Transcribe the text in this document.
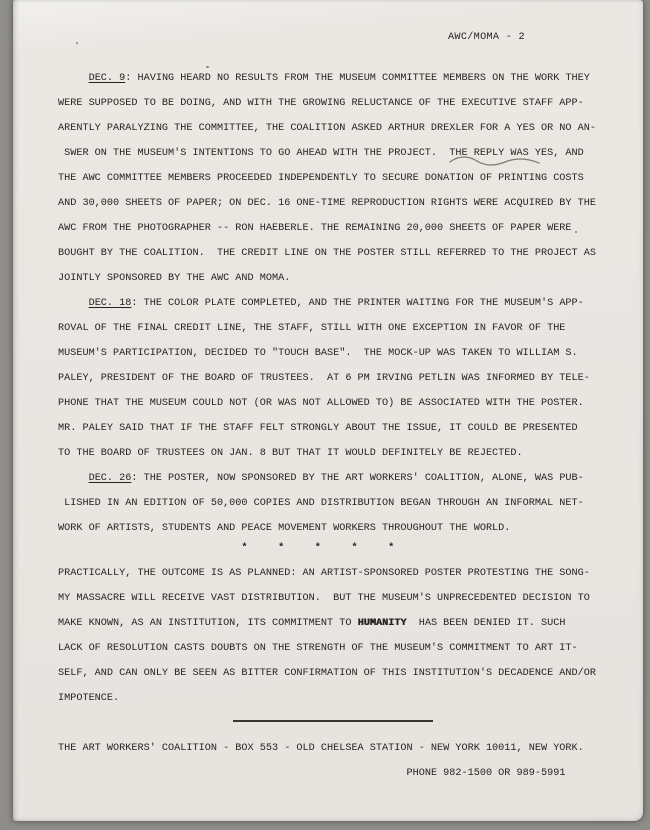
AWC/MOMA - 2
DEC. 9: HAVING HEARD NO RESULTS FROM THE MUSEUM COMMITTEE MEMBERS ON THE WORK THEY
WERE SUPPOSED TO BE DOING, AND WITH THE GROWING RELUCTANCE OF THE EXECUTIVE STAFF APP-
ARENTLY PARALYZING THE COMMITTEE, THE COALITION ASKED ARTHUR DREXLER FOR A YES OR NO AN-
SWER ON THE MUSEUM'S INTENTIONS TO GO AHEAD WITH THE PROJECT.  THE REPLY WAS YES, AND
THE AWC COMMITTEE MEMBERS PROCEEDED INDEPENDENTLY TO SECURE DONATION OF PRINTING COSTS
AND 30,000 SHEETS OF PAPER; ON DEC. 16 ONE-TIME REPRODUCTION RIGHTS WERE ACQUIRED BY THE
AWC FROM THE PHOTOGRAPHER -- RON HAEBERLE. THE REMAINING 20,000 SHEETS OF PAPER WERE
BOUGHT BY THE COALITION.  THE CREDIT LINE ON THE POSTER STILL REFERRED TO THE PROJECT AS
JOINTLY SPONSORED BY THE AWC AND MOMA.
DEC. 18: THE COLOR PLATE COMPLETED, AND THE PRINTER WAITING FOR THE MUSEUM'S APP-
ROVAL OF THE FINAL CREDIT LINE, THE STAFF, STILL WITH ONE EXCEPTION IN FAVOR OF THE
MUSEUM'S PARTICIPATION, DECIDED TO "TOUCH BASE".  THE MOCK-UP WAS TAKEN TO WILLIAM S.
PALEY, PRESIDENT OF THE BOARD OF TRUSTEES.  AT 6 PM IRVING PETLIN WAS INFORMED BY TELE-
PHONE THAT THE MUSEUM COULD NOT (OR WAS NOT ALLOWED TO) BE ASSOCIATED WITH THE POSTER.
MR. PALEY SAID THAT IF THE STAFF FELT STRONGLY ABOUT THE ISSUE, IT COULD BE PRESENTED
TO THE BOARD OF TRUSTEES ON JAN. 8 BUT THAT IT WOULD DEFINITELY BE REJECTED.
DEC. 26: THE POSTER, NOW SPONSORED BY THE ART WORKERS' COALITION, ALONE, WAS PUB-
LISHED IN AN EDITION OF 50,000 COPIES AND DISTRIBUTION BEGAN THROUGH AN INFORMAL NET-
WORK OF ARTISTS, STUDENTS AND PEACE MOVEMENT WORKERS THROUGHOUT THE WORLD.
*     *     *     *     *
PRACTICALLY, THE OUTCOME IS AS PLANNED: AN ARTIST-SPONSORED POSTER PROTESTING THE SONG-
MY MASSACRE WILL RECEIVE VAST DISTRIBUTION.  BUT THE MUSEUM'S UNPRECEDENTED DECISION TO
MAKE KNOWN, AS AN INSTITUTION, ITS COMMITMENT TO HUMANITY  HAS BEEN DENIED IT. SUCH
LACK OF RESOLUTION CASTS DOUBTS ON THE STRENGTH OF THE MUSEUM'S COMMITMENT TO ART IT-
SELF, AND CAN ONLY BE SEEN AS BITTER CONFIRMATION OF THIS INSTITUTION'S DECADENCE AND/OR
IMPOTENCE.
THE ART WORKERS' COALITION - BOX 553 - OLD CHELSEA STATION - NEW YORK 10011, NEW YORK.
PHONE 982-1500 OR 989-5991
